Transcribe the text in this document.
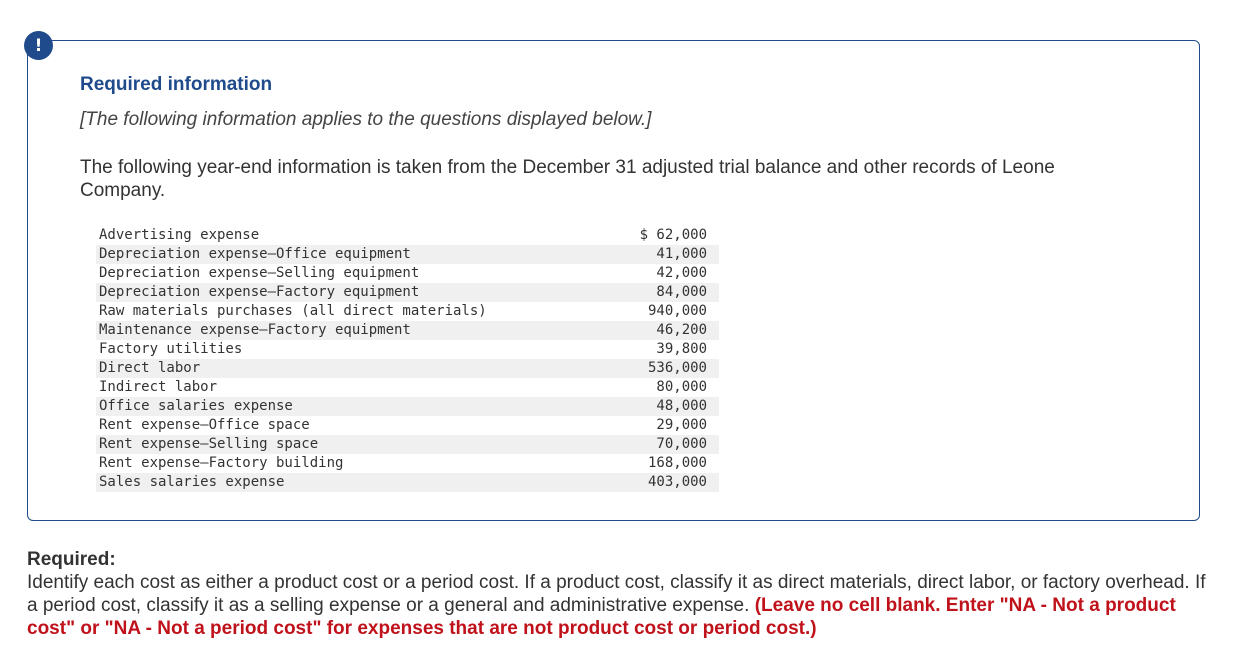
!
Required information
[The following information applies to the questions displayed below.]
The following year-end information is taken from the December 31 adjusted trial balance and other records of Leone Company.
Advertising expense	$ 62,000
Depreciation expense—Office equipment	41,000
Depreciation expense—Selling equipment	42,000
Depreciation expense—Factory equipment	84,000
Raw materials purchases (all direct materials)	940,000
Maintenance expense—Factory equipment	46,200
Factory utilities	39,800
Direct labor	536,000
Indirect labor	80,000
Office salaries expense	48,000
Rent expense—Office space	29,000
Rent expense—Selling space	70,000
Rent expense—Factory building	168,000
Sales salaries expense	403,000
Required:
Identify each cost as either a product cost or a period cost. If a product cost, classify it as direct materials, direct labor, or factory overhead. If a period cost, classify it as a selling expense or a general and administrative expense. (Leave no cell blank. Enter "NA - Not a product cost" or "NA - Not a period cost" for expenses that are not product cost or period cost.)
